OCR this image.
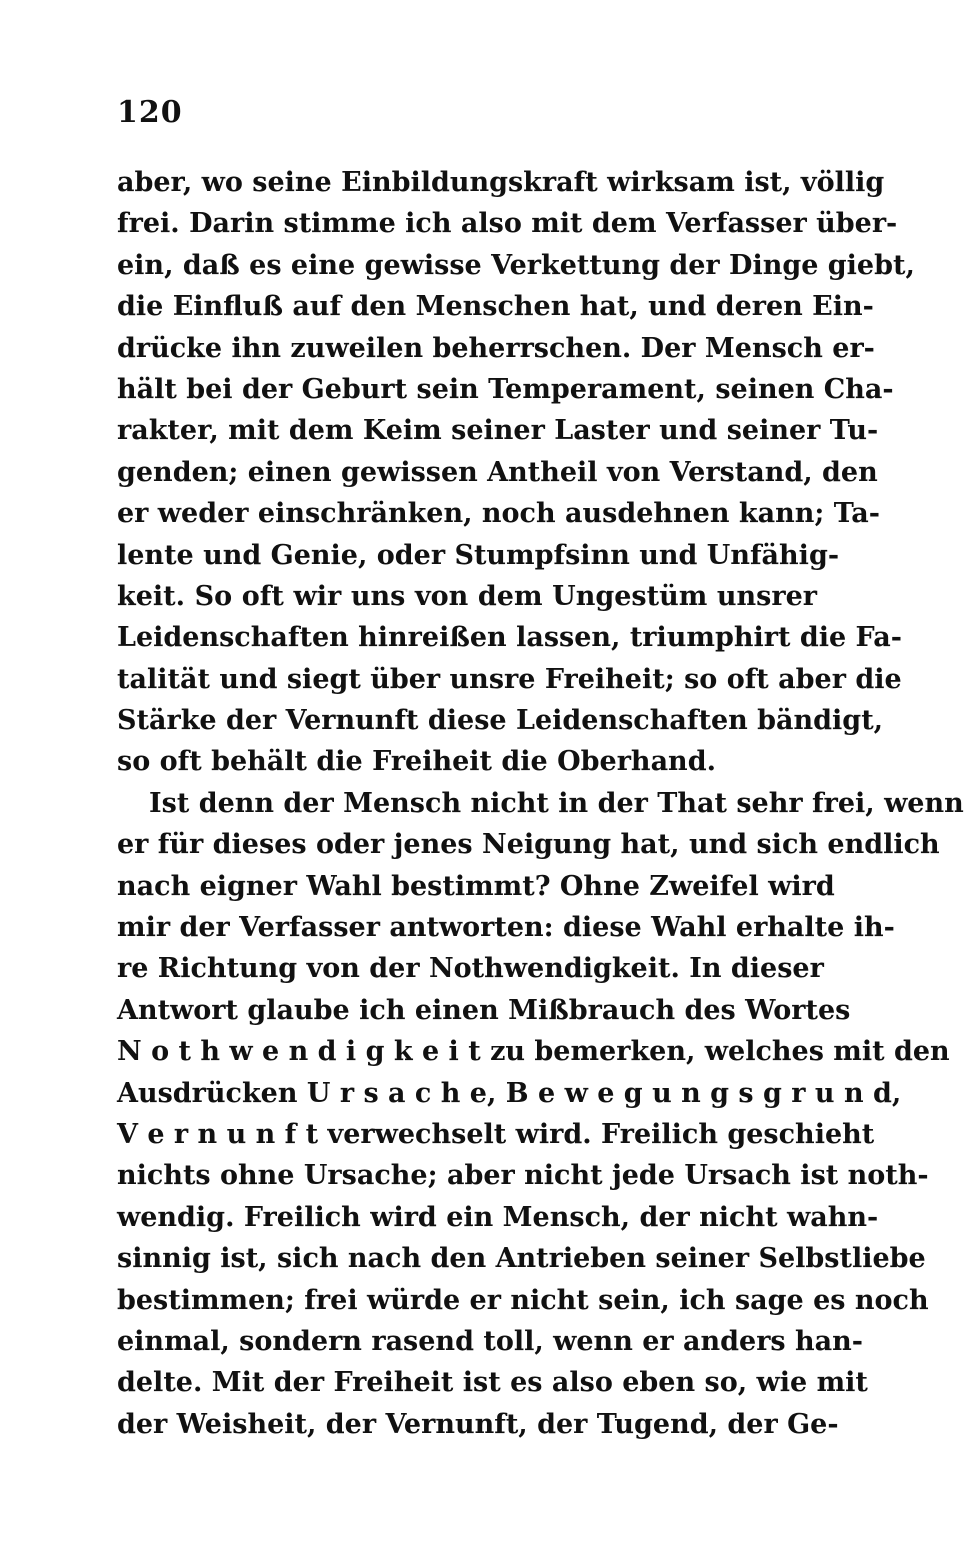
120
aber, wo seine Einbildungskraft wirksam ist, völlig
frei. Darin stimme ich also mit dem Verfasser über-
ein, daß es eine gewisse Verkettung der Dinge giebt,
die Einfluß auf den Menschen hat, und deren Ein-
drücke ihn zuweilen beherrschen. Der Mensch er-
hält bei der Geburt sein Temperament, seinen Cha-
rakter, mit dem Keim seiner Laster und seiner Tu-
genden; einen gewissen Antheil von Verstand, den
er weder einschränken, noch ausdehnen kann; Ta-
lente und Genie, oder Stumpfsinn und Unfähig-
keit. So oft wir uns von dem Ungestüm unsrer
Leidenschaften hinreißen lassen, triumphirt die Fa-
talität und siegt über unsre Freiheit; so oft aber die
Stärke der Vernunft diese Leidenschaften bändigt,
so oft behält die Freiheit die Oberhand.
Ist denn der Mensch nicht in der That sehr frei, wenn
er für dieses oder jenes Neigung hat, und sich endlich
nach eigner Wahl bestimmt? Ohne Zweifel wird
mir der Verfasser antworten: diese Wahl erhalte ih-
re Richtung von der Nothwendigkeit. In dieser
Antwort glaube ich einen Mißbrauch des Wortes
N o t h w e n d i g k e i t zu bemerken, welches mit den
Ausdrücken U r s a c h e, B e w e g u n g s g r u n d,
V e r n u n f t verwechselt wird. Freilich geschieht
nichts ohne Ursache; aber nicht jede Ursach ist noth-
wendig. Freilich wird ein Mensch, der nicht wahn-
sinnig ist, sich nach den Antrieben seiner Selbstliebe
bestimmen; frei würde er nicht sein, ich sage es noch
einmal, sondern rasend toll, wenn er anders han-
delte. Mit der Freiheit ist es also eben so, wie mit
der Weisheit, der Vernunft, der Tugend, der Ge-
